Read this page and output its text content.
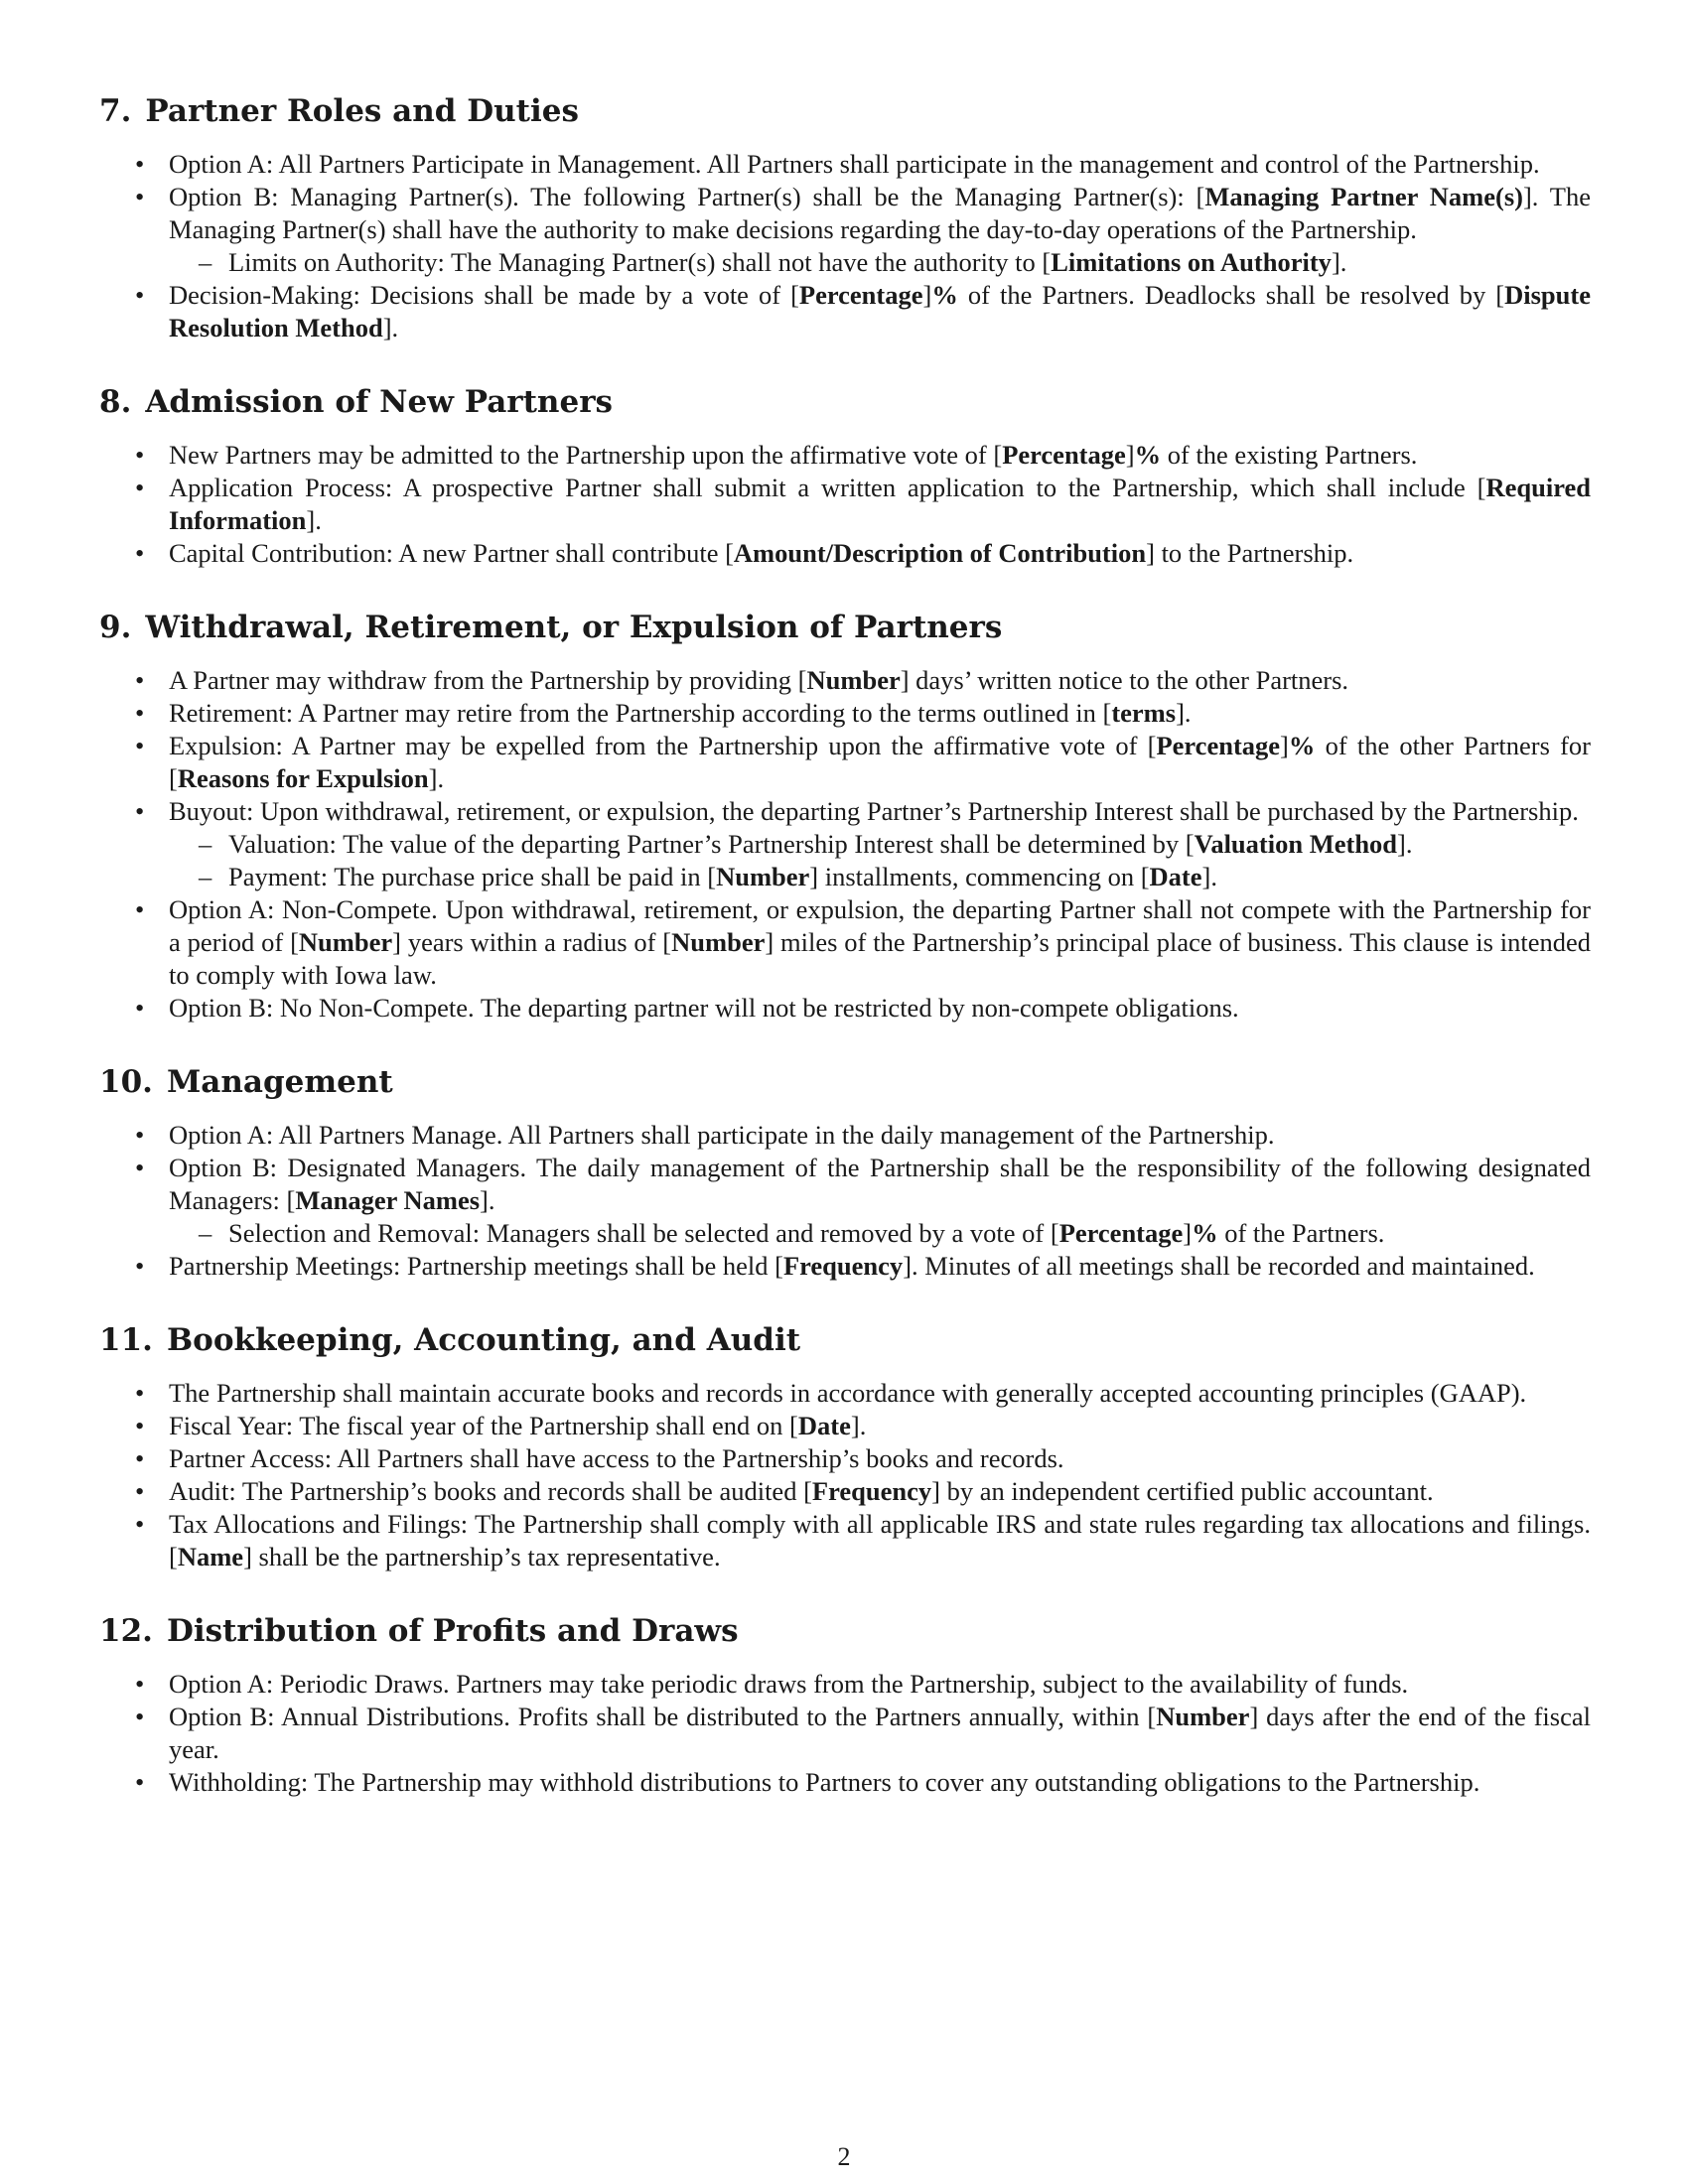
7. Partner Roles and Duties
• Option A: All Partners Participate in Management. All Partners shall participate in the management and control of the Partnership.
• Option B: Managing Partner(s). The following Partner(s) shall be the Managing Partner(s): [Managing Partner Name(s)]. The Managing Partner(s) shall have the authority to make decisions regarding the day-to-day operations of the Partnership.
– Limits on Authority: The Managing Partner(s) shall not have the authority to [Limitations on Authority].
• Decision-Making: Decisions shall be made by a vote of [Percentage]% of the Partners. Deadlocks shall be resolved by [Dispute Resolution Method].
8. Admission of New Partners
• New Partners may be admitted to the Partnership upon the affirmative vote of [Percentage]% of the existing Partners.
• Application Process: A prospective Partner shall submit a written application to the Partnership, which shall include [Required Information].
• Capital Contribution: A new Partner shall contribute [Amount/Description of Contribution] to the Partnership.
9. Withdrawal, Retirement, or Expulsion of Partners
• A Partner may withdraw from the Partnership by providing [Number] days’ written notice to the other Partners.
• Retirement: A Partner may retire from the Partnership according to the terms outlined in [terms].
• Expulsion: A Partner may be expelled from the Partnership upon the affirmative vote of [Percentage]% of the other Partners for [Reasons for Expulsion].
• Buyout: Upon withdrawal, retirement, or expulsion, the departing Partner’s Partnership Interest shall be purchased by the Partnership.
– Valuation: The value of the departing Partner’s Partnership Interest shall be determined by [Valuation Method].
– Payment: The purchase price shall be paid in [Number] installments, commencing on [Date].
• Option A: Non-Compete. Upon withdrawal, retirement, or expulsion, the departing Partner shall not compete with the Partnership for a period of [Number] years within a radius of [Number] miles of the Partnership’s principal place of business. This clause is intended to comply with Iowa law.
• Option B: No Non-Compete. The departing partner will not be restricted by non-compete obligations.
10. Management
• Option A: All Partners Manage. All Partners shall participate in the daily management of the Partnership.
• Option B: Designated Managers. The daily management of the Partnership shall be the responsibility of the following designated Managers: [Manager Names].
– Selection and Removal: Managers shall be selected and removed by a vote of [Percentage]% of the Partners.
• Partnership Meetings: Partnership meetings shall be held [Frequency]. Minutes of all meetings shall be recorded and maintained.
11. Bookkeeping, Accounting, and Audit
• The Partnership shall maintain accurate books and records in accordance with generally accepted accounting principles (GAAP).
• Fiscal Year: The fiscal year of the Partnership shall end on [Date].
• Partner Access: All Partners shall have access to the Partnership’s books and records.
• Audit: The Partnership’s books and records shall be audited [Frequency] by an independent certified public accountant.
• Tax Allocations and Filings: The Partnership shall comply with all applicable IRS and state rules regarding tax allocations and filings. [Name] shall be the partnership’s tax representative.
12. Distribution of Profits and Draws
• Option A: Periodic Draws. Partners may take periodic draws from the Partnership, subject to the availability of funds.
• Option B: Annual Distributions. Profits shall be distributed to the Partners annually, within [Number] days after the end of the fiscal year.
• Withholding: The Partnership may withhold distributions to Partners to cover any outstanding obligations to the Partnership.
2
